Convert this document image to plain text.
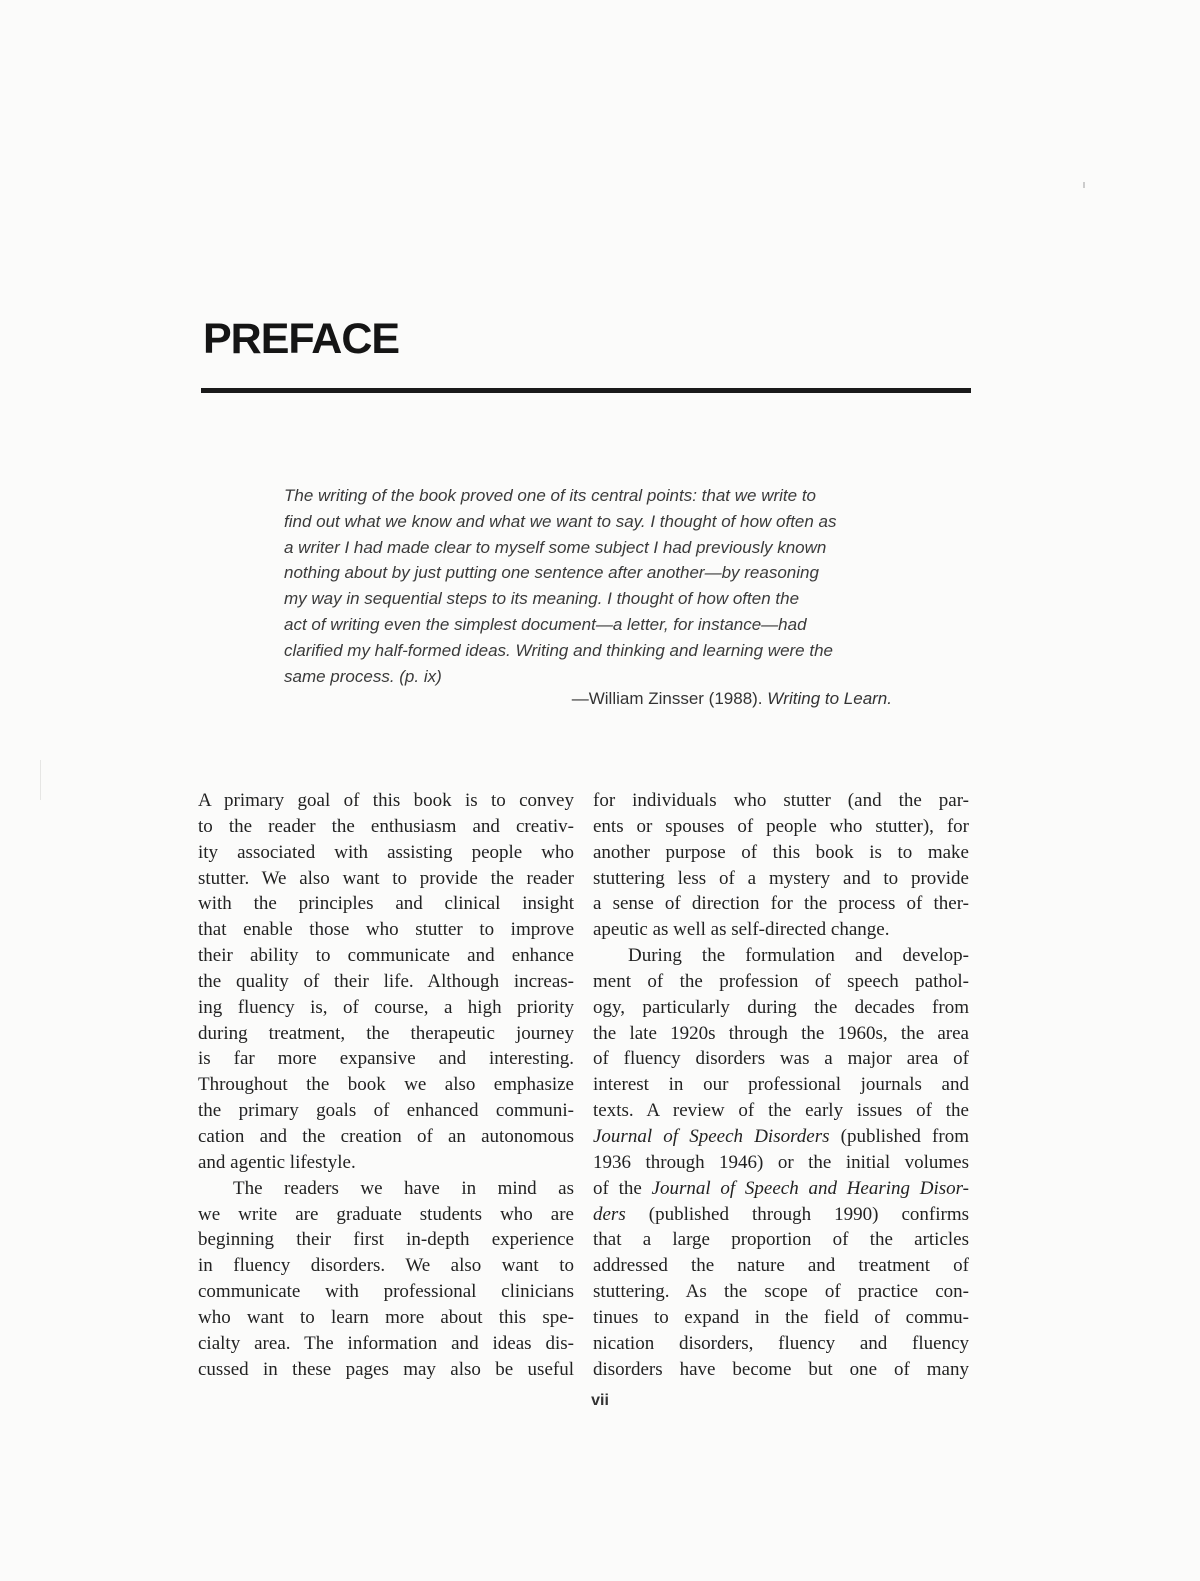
PREFACE
The writing of the book proved one of its central points: that we write to
find out what we know and what we want to say. I thought of how often as
a writer I had made clear to myself some subject I had previously known
nothing about by just putting one sentence after another—by reasoning
my way in sequential steps to its meaning. I thought of how often the
act of writing even the simplest document—a letter, for instance—had
clarified my half-formed ideas. Writing and thinking and learning were the
same process. (p. ix)
—William Zinsser (1988). Writing to Learn.
A primary goal of this book is to convey
to the reader the enthusiasm and creativ-
ity associated with assisting people who
stutter. We also want to provide the reader
with the principles and clinical insight
that enable those who stutter to improve
their ability to communicate and enhance
the quality of their life. Although increas-
ing fluency is, of course, a high priority
during treatment, the therapeutic journey
is far more expansive and interesting.
Throughout the book we also emphasize
the primary goals of enhanced communi-
cation and the creation of an autonomous
and agentic lifestyle.
The readers we have in mind as
we write are graduate students who are
beginning their first in-depth experience
in fluency disorders. We also want to
communicate with professional clinicians
who want to learn more about this spe-
cialty area. The information and ideas dis-
cussed in these pages may also be useful
for individuals who stutter (and the par-
ents or spouses of people who stutter), for
another purpose of this book is to make
stuttering less of a mystery and to provide
a sense of direction for the process of ther-
apeutic as well as self-directed change.
During the formulation and develop-
ment of the profession of speech pathol-
ogy, particularly during the decades from
the late 1920s through the 1960s, the area
of fluency disorders was a major area of
interest in our professional journals and
texts. A review of the early issues of the
Journal of Speech Disorders (published from
1936 through 1946) or the initial volumes
of the Journal of Speech and Hearing Disor-
ders (published through 1990) confirms
that a large proportion of the articles
addressed the nature and treatment of
stuttering. As the scope of practice con-
tinues to expand in the field of commu-
nication disorders, fluency and fluency
disorders have become but one of many
vii
